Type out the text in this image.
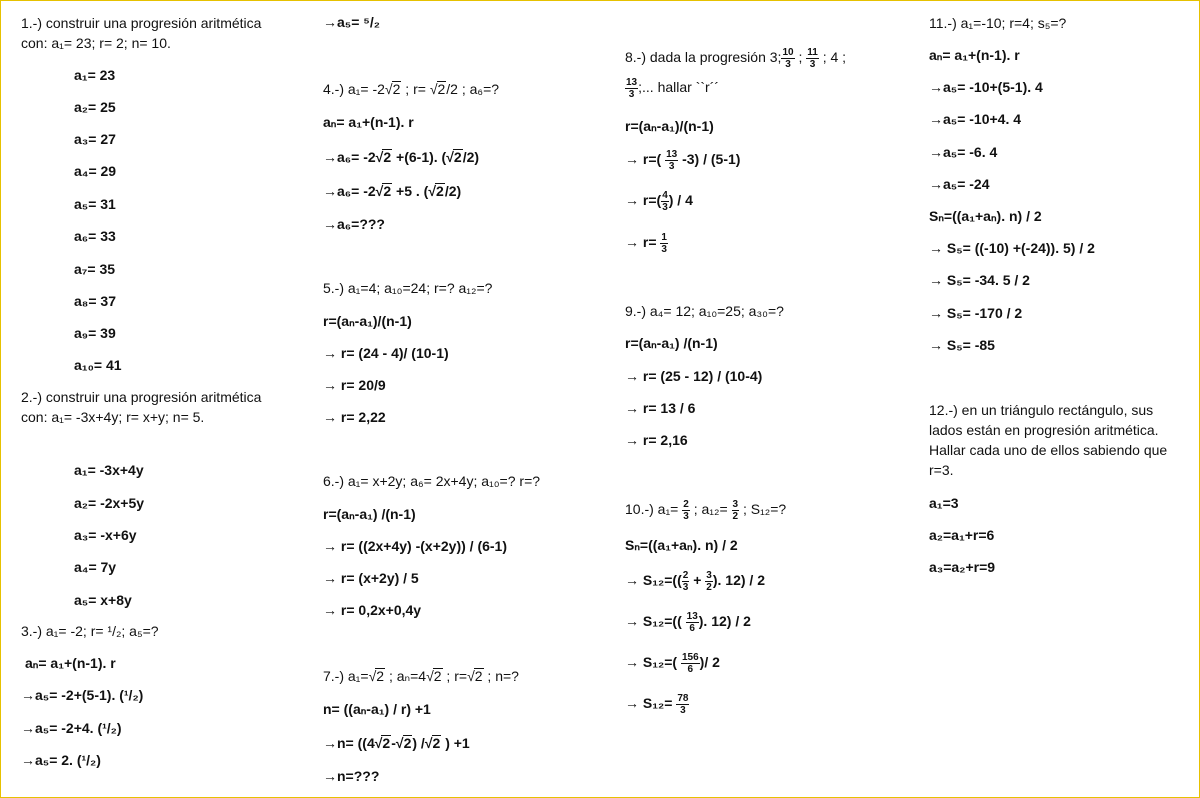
1.-) construir una progresión aritmética con: a₁= 23; r= 2; n= 10.
a₁= 23
a₂= 25
a₃= 27
a₄= 29
a₅= 31
a₆= 33
a₇= 35
a₈= 37
a₉= 39
a₁₀= 41
2.-) construir una progresión aritmética con: a₁= -3x+4y; r= x+y; n= 5.
a₁= -3x+4y
a₂= -2x+5y
a₃= -x+6y
a₄= 7y
a₅= x+8y
3.-) a₁= -2; r= ¹/₂; a₅=?
aₙ= a₁+(n-1). r
→a₅= -2+(5-1). (¹/₂)
→a₅= -2+4. (¹/₂)
→a₅= 2. (¹/₂)
→a₅= ⁵/₂
4.-) a₁= -2√2 ; r= √2/2 ; a₆=?
aₙ= a₁+(n-1). r
→a₆= -2√2 +(6-1). (√2/2)
→a₆= -2√2 +5 . (√2/2)
→a₆=???
5.-) a₁=4; a₁₀=24; r=? a₁₂=?
r=(aₙ-a₁)/(n-1)
→ r= (24 - 4)/ (10-1)
→ r= 20/9
→ r= 2,22
6.-) a₁= x+2y; a₆= 2x+4y; a₁₀=? r=?
r=(aₙ-a₁) /(n-1)
→ r= ((2x+4y) -(x+2y)) / (6-1)
→ r= (x+2y) / 5
→ r= 0,2x+0,4y
7.-) a₁=√2 ; aₙ=4√2 ; r=√2 ; n=?
n= ((aₙ-a₁) / r) +1
→n= ((4√2-√2) /√2 ) +1
→n=???
8.-) dada la progresión 3; $\frac{10}{3}$ ; $\frac{11}{3}$ ; 4 ;
$\frac{13}{3}$ ;... hallar ``r´´
r=(aₙ-a₁)/(n-1)
→ $r=( \frac{13}{3} -3) / (5-1)$
→ $r=( \frac{4}{3}$ ) / 4
→ $r= \frac{1}{3}$
9.-) a₄= 12; a₁₀=25; a₃₀=?
r=(aₙ-a₁) /(n-1)
→ r= (25 - 12) / (10-4)
→ r= 13 / 6
→ r= 2,16
10.-) $a_1= \frac{2}{3}$ ; $a_{12}= \frac{3}{2}$ ; S₁₂=?
Sₙ=((a₁+aₙ). n) / 2
→ $S_{12}=(( \frac{2}{3} + \frac{3}{2}$ ). 12) / 2
→ $S_{12}=(( \frac{13}{6}$ ). 12) / 2
→ $S_{12}=( \frac{156}{6}$ )/ 2
→ $S_{12}= \frac{78}{3}$
11.-) a₁=-10; r=4; s₅=?
aₙ= a₁+(n-1). r
→a₅= -10+(5-1). 4
→a₅= -10+4. 4
→a₅= -6. 4
→a₅= -24
Sₙ=((a₁+aₙ). n) / 2
→ S₅= ((-10) +(-24)). 5) / 2
→ S₅= -34. 5 / 2
→ S₅= -170 / 2
→ S₅= -85
12.-) en un triángulo rectángulo, sus lados están en progresión aritmética. Hallar cada uno de ellos sabiendo que r=3.
a₁=3
a₂=a₁+r=6
a₃=a₂+r=9
